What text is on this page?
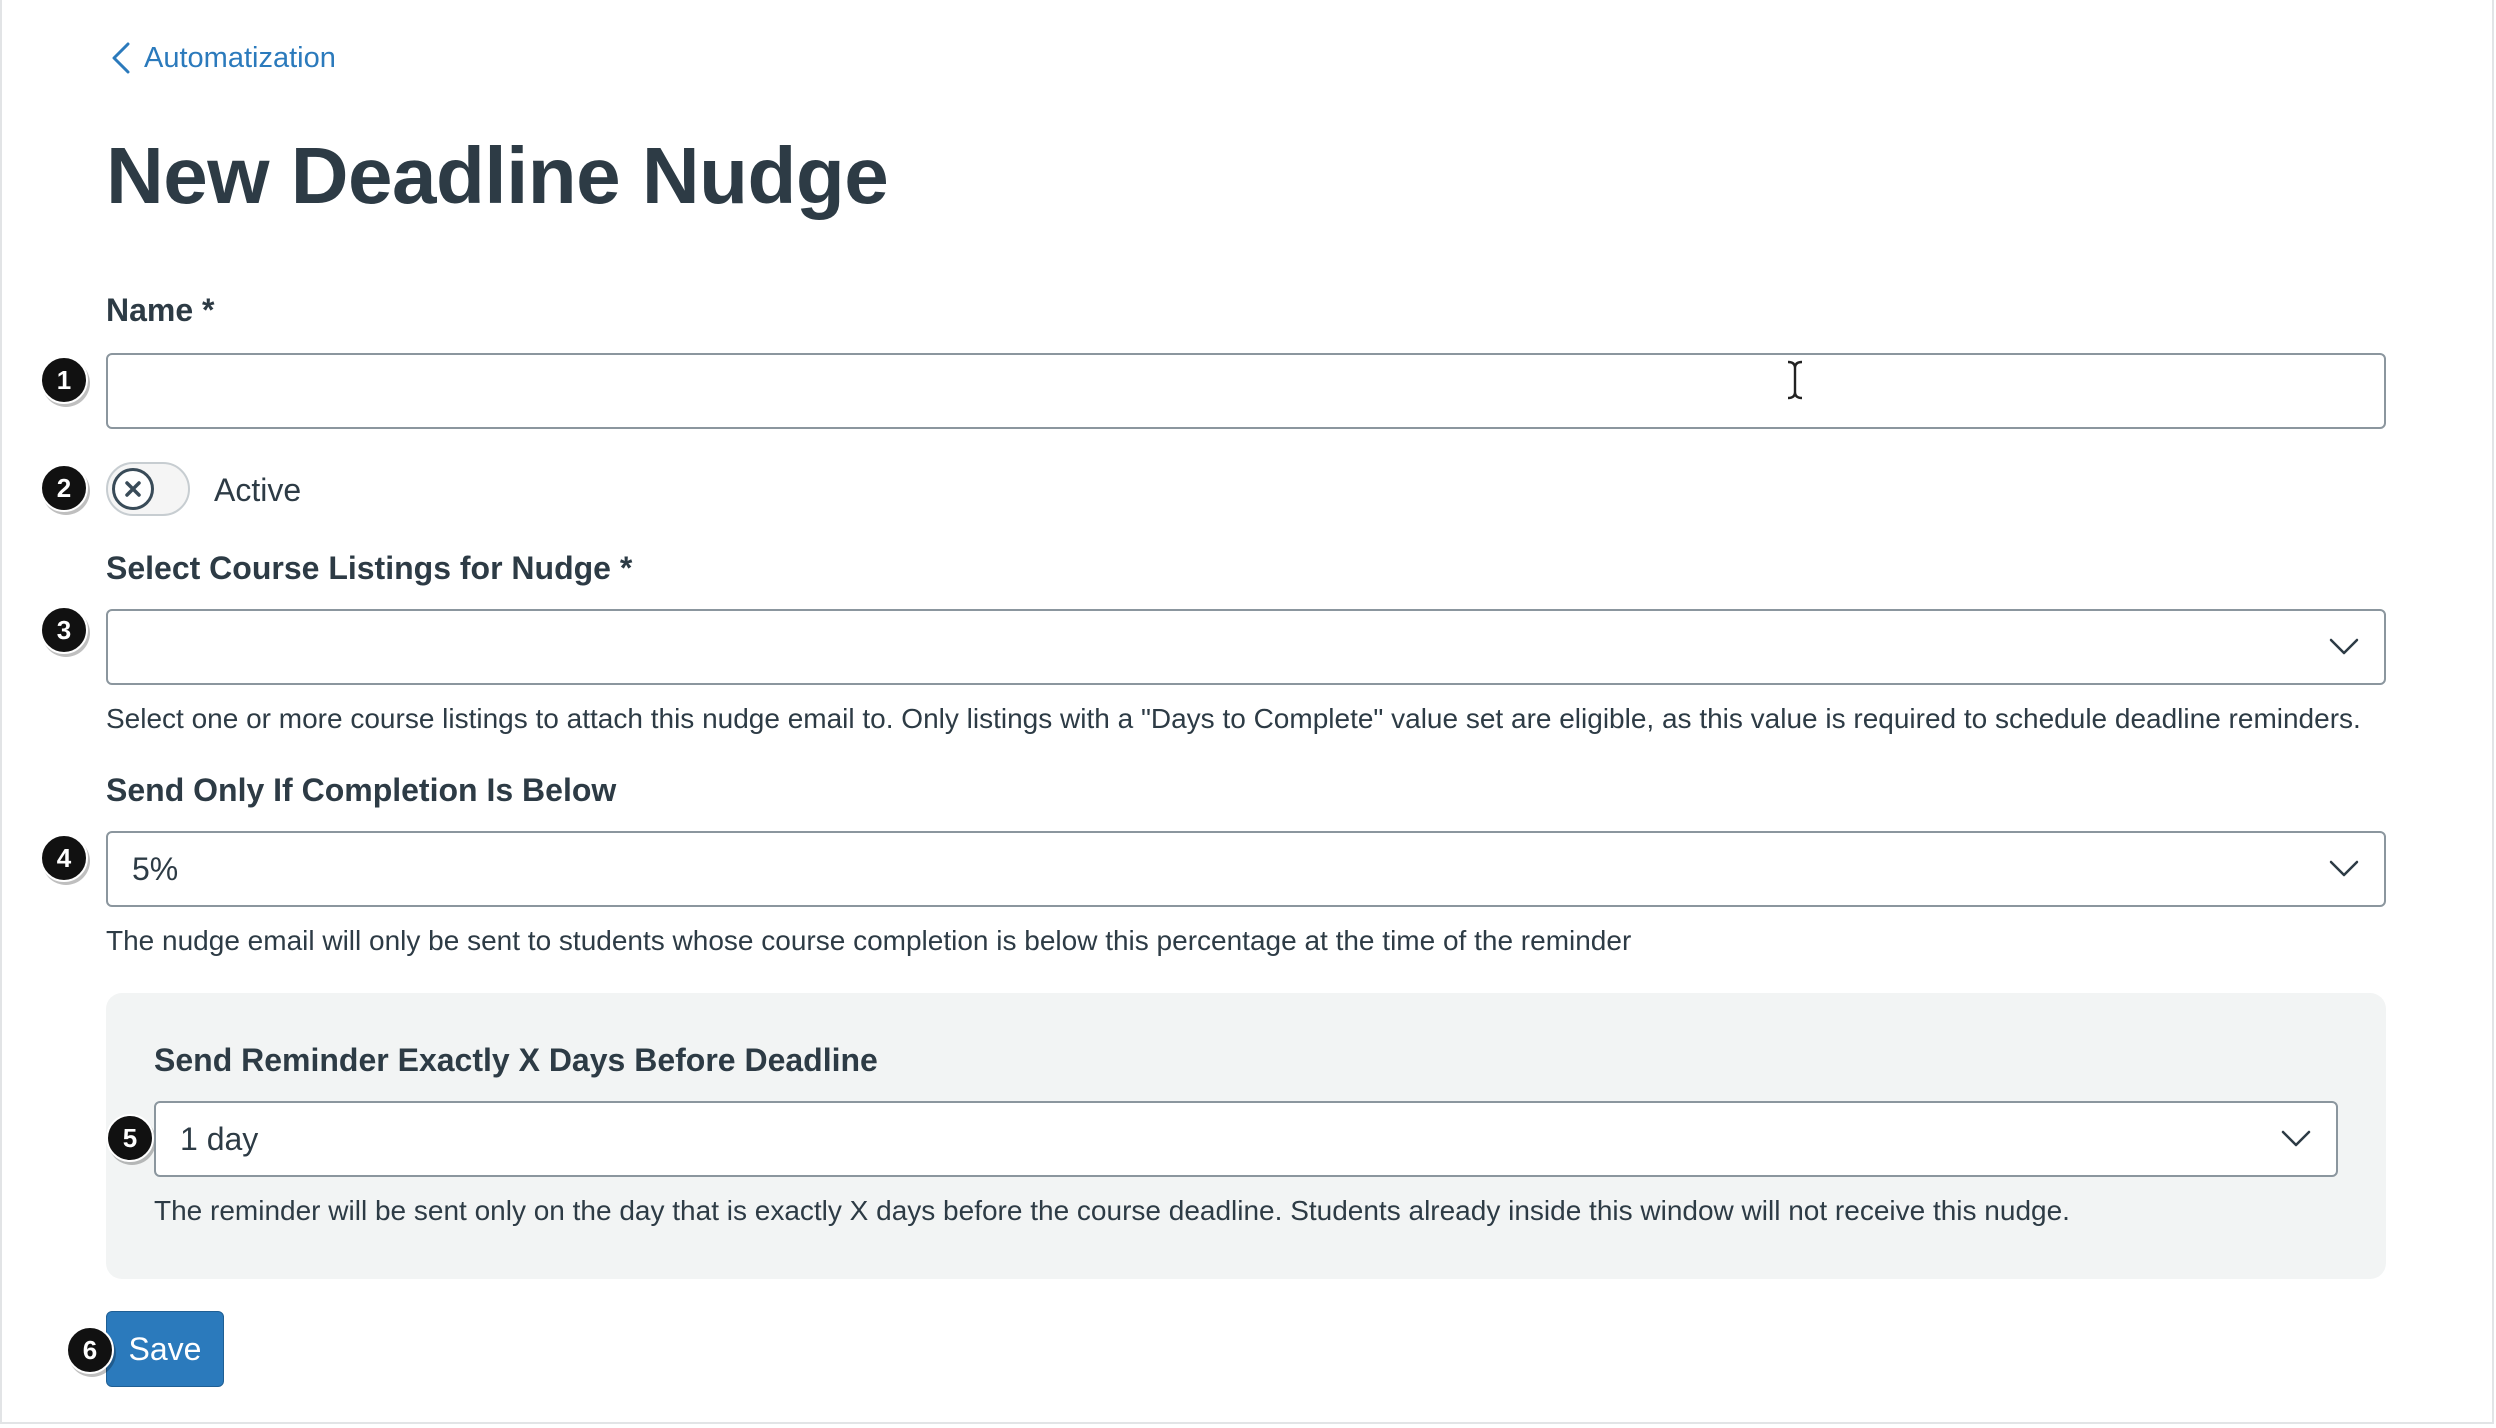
Automatization
New Deadline Nudge
Name *
1
2	Active
Select Course Listings for Nudge *
3
Select one or more course listings to attach this nudge email to. Only listings with a "Days to Complete" value set are eligible, as this value is required to schedule deadline reminders.
Send Only If Completion Is Below
4	5%
The nudge email will only be sent to students whose course completion is below this percentage at the time of the reminder
Send Reminder Exactly X Days Before Deadline
5	1 day
The reminder will be sent only on the day that is exactly X days before the course deadline. Students already inside this window will not receive this nudge.
Save
6
